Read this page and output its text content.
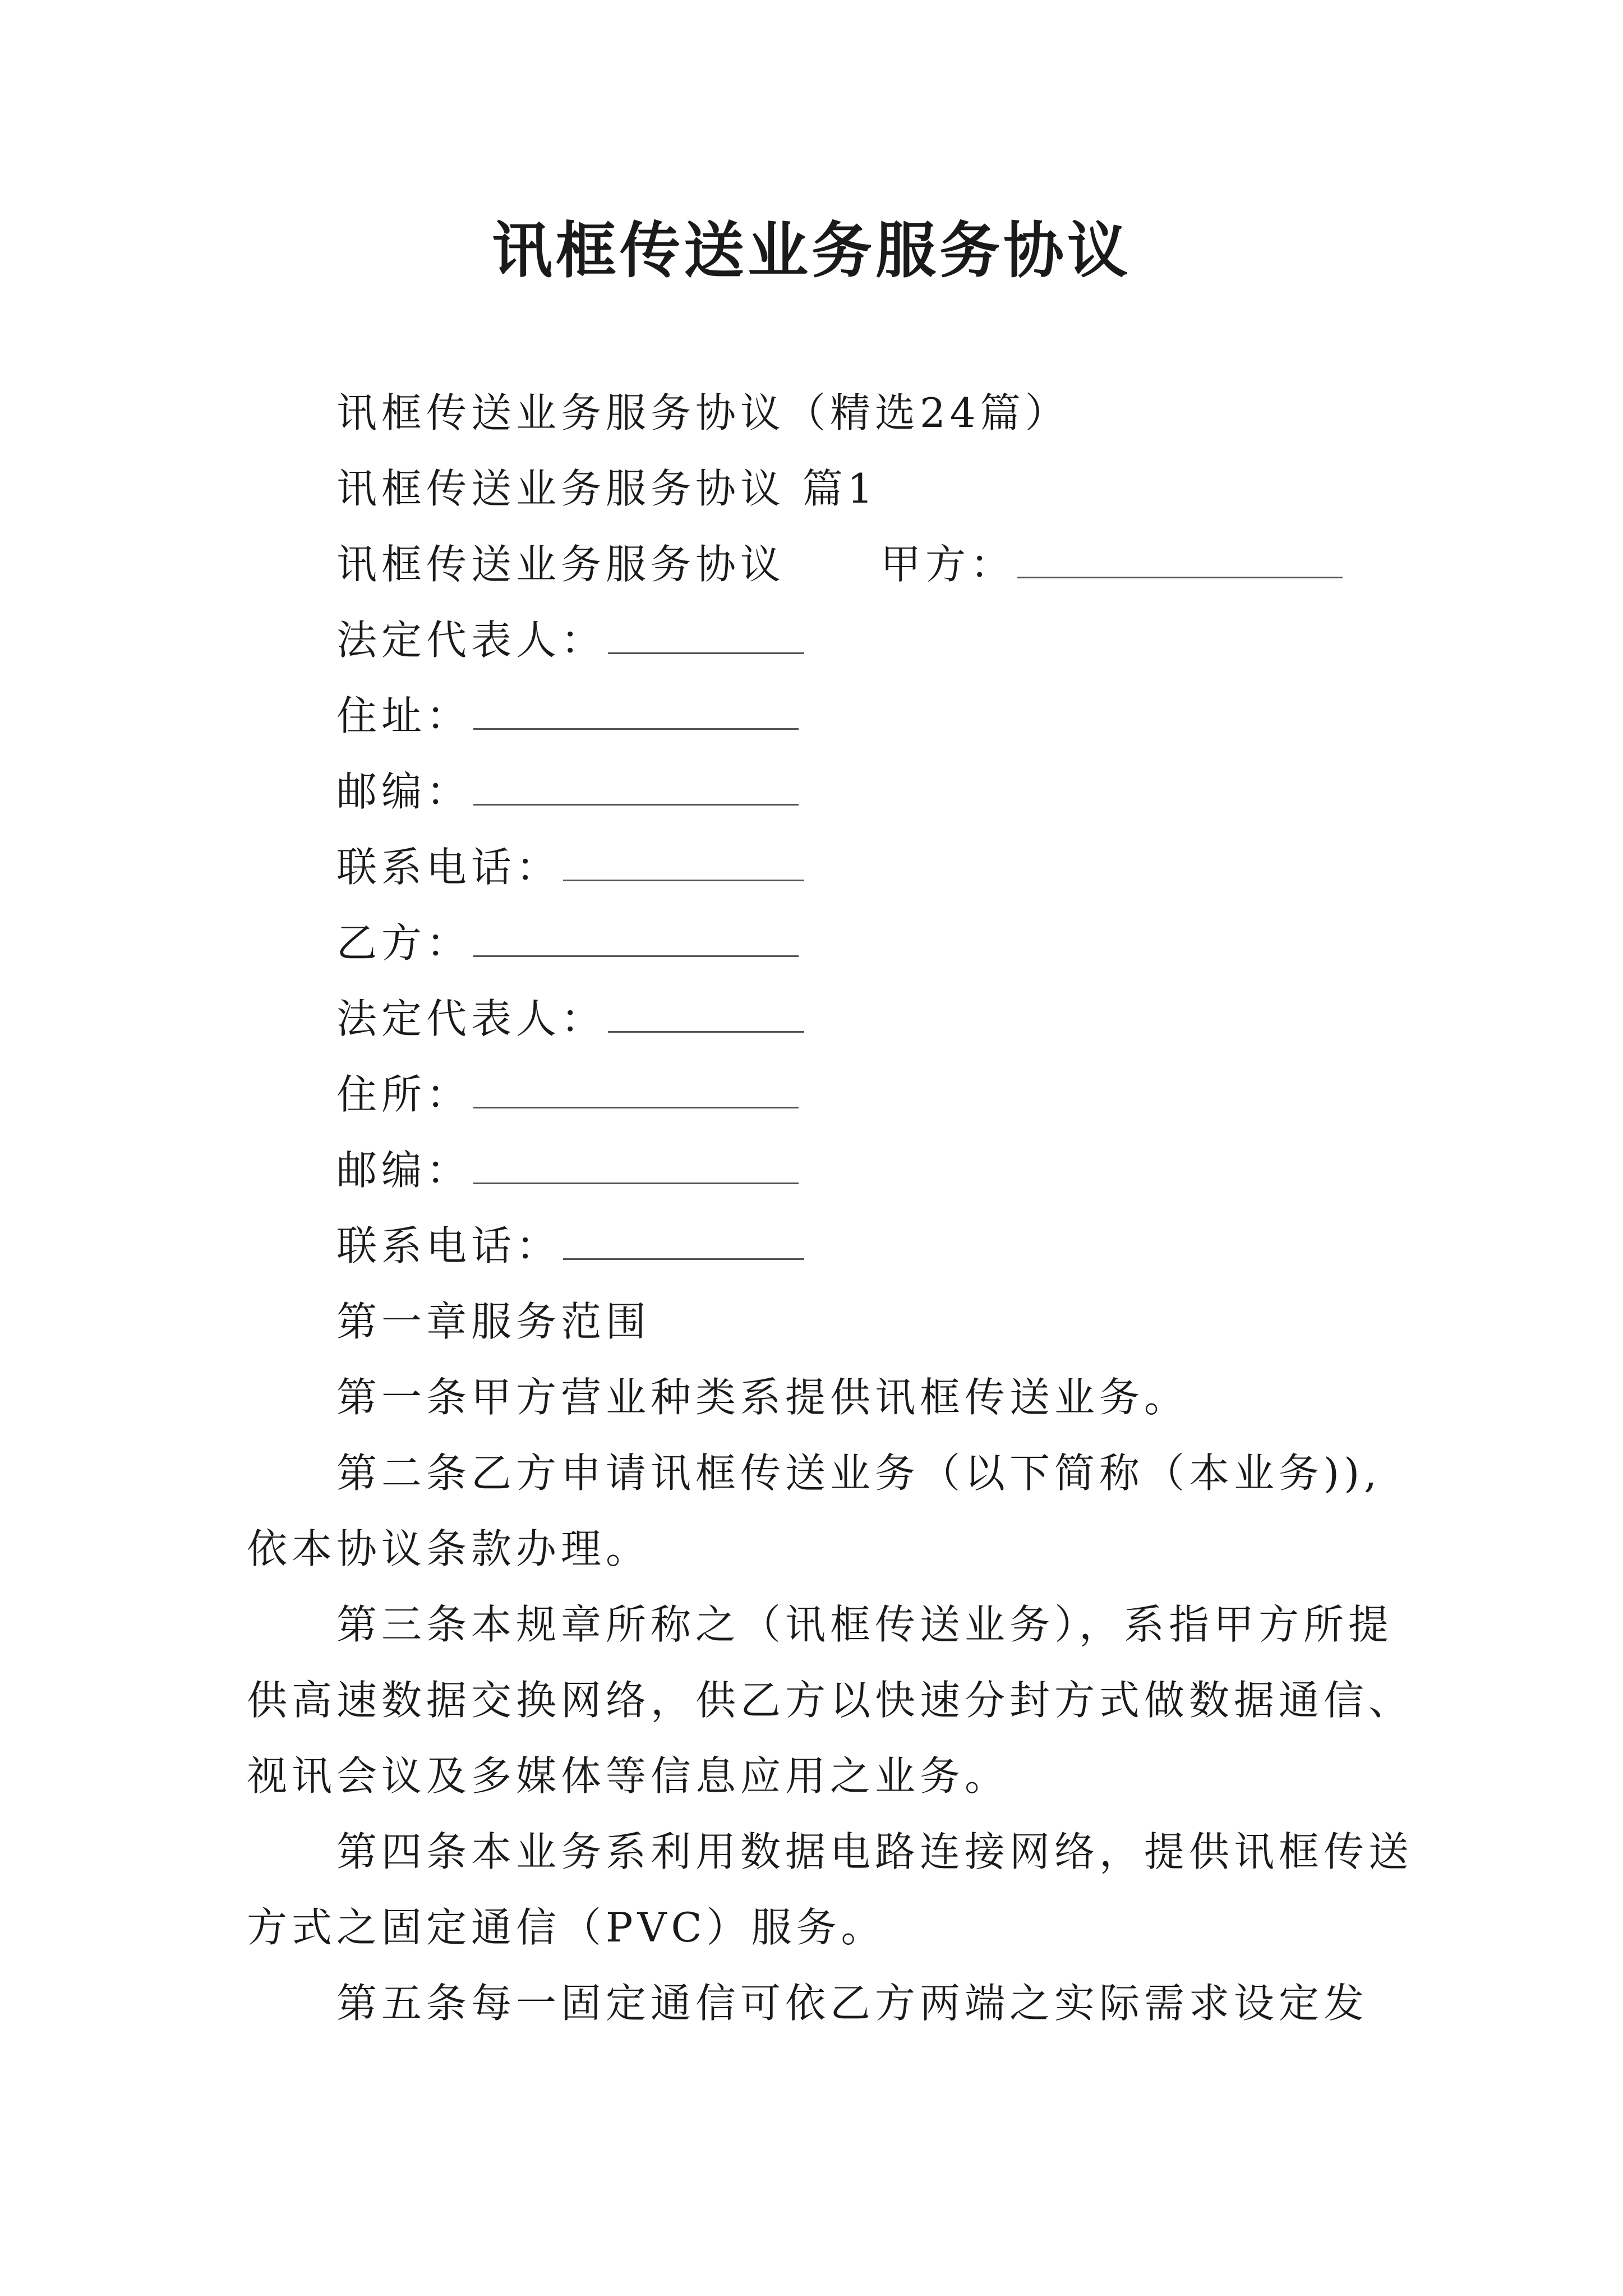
讯框传送业务服务协议
讯框传送业务服务协议（精选24篇）
讯框传送业务服务协议 篇1
讯框传送业务服务协议 甲方：
法定代表人：
住址：
邮编：
联系电话：
乙方：
法定代表人：
住所：
邮编：
联系电话：
第一章服务范围
第一条甲方营业种类系提供讯框传送业务。
第二条乙方申请讯框传送业务（以下简称（本业务)),
依本协议条款办理。
第三条本规章所称之（讯框传送业务），系指甲方所提
供高速数据交换网络，供乙方以快速分封方式做数据通信、
视讯会议及多媒体等信息应用之业务。
第四条本业务系利用数据电路连接网络，提供讯框传送
方式之固定通信（PVC）服务。
第五条每一固定通信可依乙方两端之实际需求设定发
